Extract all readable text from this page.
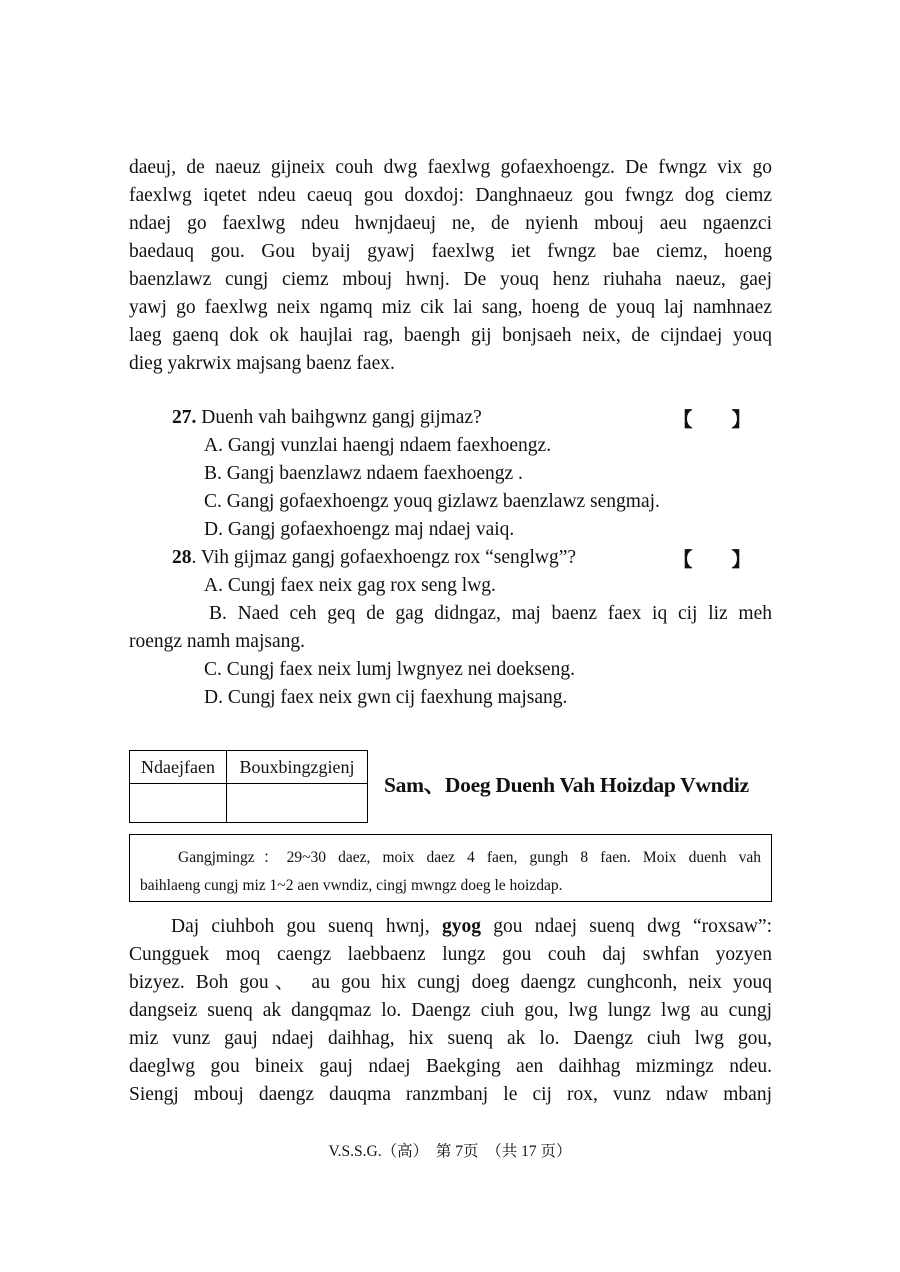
daeuj, de naeuz gijneix couh dwg faexlwg gofaexhoengz. De fwngz vix go
faexlwg iqetet ndeu caeuq gou doxdoj: Danghnaeuz gou fwngz dog ciemz
ndaej go faexlwg ndeu hwnjdaeuj ne, de nyienh mbouj aeu ngaenzci
baedauq gou. Gou byaij gyawj faexlwg iet fwngz bae ciemz, hoeng
baenzlawz cungj ciemz mbouj hwnj. De youq henz riuhaha naeuz, gaej
yawj go faexlwg neix ngamq miz cik lai sang, hoeng de youq laj namhnaez
laeg gaenq dok ok haujlai rag, baengh gij bonjsaeh neix, de cijndaej youq
dieg yakrwix majsang baenz faex.
27. Duenh vah baihgwnz gangj gijmaz?	【　　】
A. Gangj vunzlai haengj ndaem faexhoengz.
B. Gangj baenzlawz ndaem faexhoengz .
C. Gangj gofaexhoengz youq gizlawz baenzlawz sengmaj.
D. Gangj gofaexhoengz maj ndaej vaiq.
28. Vih gijmaz gangj gofaexhoengz rox “senglwg”?	【　　】
A. Cungj faex neix gag rox seng lwg.
B. Naed ceh geq de gag didngaz, maj baenz faex iq cij liz meh
roengz namh majsang.
C. Cungj faex neix lumj lwgnyez nei doekseng.
D. Cungj faex neix gwn cij faexhung majsang.
Ndaejfaen	Bouxbingzgienj

Sam、Doeg Duenh Vah Hoizdap Vwndiz
Gangjmingz：29~30 daez, moix daez 4 faen, gungh 8 faen. Moix duenh vah
baihlaeng cungj miz 1~2 aen vwndiz, cingj mwngz doeg le hoizdap.
Daj ciuhboh gou suenq hwnj, gyog gou ndaej suenq dwg “roxsaw”:
Cungguek moq caengz laebbaenz lungz gou couh daj swhfan yozyen
bizyez. Boh gou、 au gou hix cungj doeg daengz cunghconh, neix youq
dangseiz suenq ak dangqmaz lo. Daengz ciuh gou, lwg lungz lwg au cungj
miz vunz gauj ndaej daihhag, hix suenq ak lo. Daengz ciuh lwg gou,
daeglwg gou bineix gauj ndaej Baekging aen daihhag mizmingz ndeu.
Siengj mbouj daengz dauqma ranzmbanj le cij rox, vunz ndaw mbanj
V.S.S.G.（高）　第 7页　（共 17 页）
